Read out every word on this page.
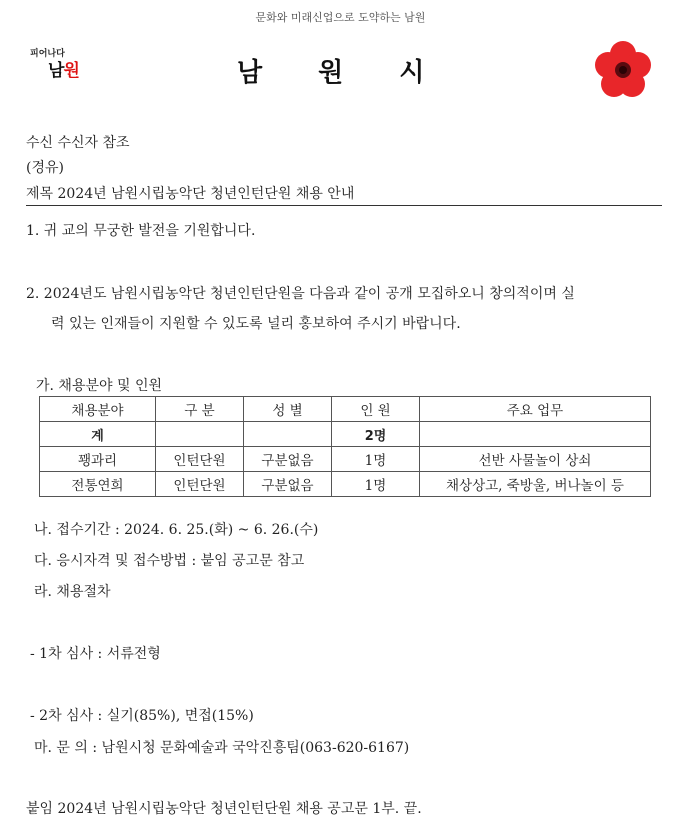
문화와 미래신업으로 도약하는 남원
피어나다
남원	남 원 시
수신 수신자 참조
(경유)
제목 2024년 남원시립농악단 청년인턴단원 채용 안내
1. 귀 교의 무궁한 발전을 기원합니다.
2. 2024년도 남원시립농악단 청년인턴단원을 다음과 같이 공개 모집하오니 창의적이며 실
력 있는 인재들이 지원할 수 있도록 널리 홍보하여 주시기 바랍니다.
가. 채용분야 및 인원
채용분야	구 분	성 별	인 원	주요 업무
계			2명	
꽹과리	인턴단원	구분없음	1명	선반 사물놀이 상쇠
전통연희	인턴단원	구분없음	1명	채상상고, 죽방울, 버나놀이 등
나. 접수기간 : 2024. 6. 25.(화) ~ 6. 26.(수)
다. 응시자격 및 접수방법 : 붙임 공고문 참고
라. 채용절차
- 1차 심사 : 서류전형
- 2차 심사 : 실기(85%), 면접(15%)
마. 문 의 : 남원시청 문화예술과 국악진흥팀(063-620-6167)
붙임 2024년 남원시립농악단 청년인턴단원 채용 공고문 1부. 끝.
